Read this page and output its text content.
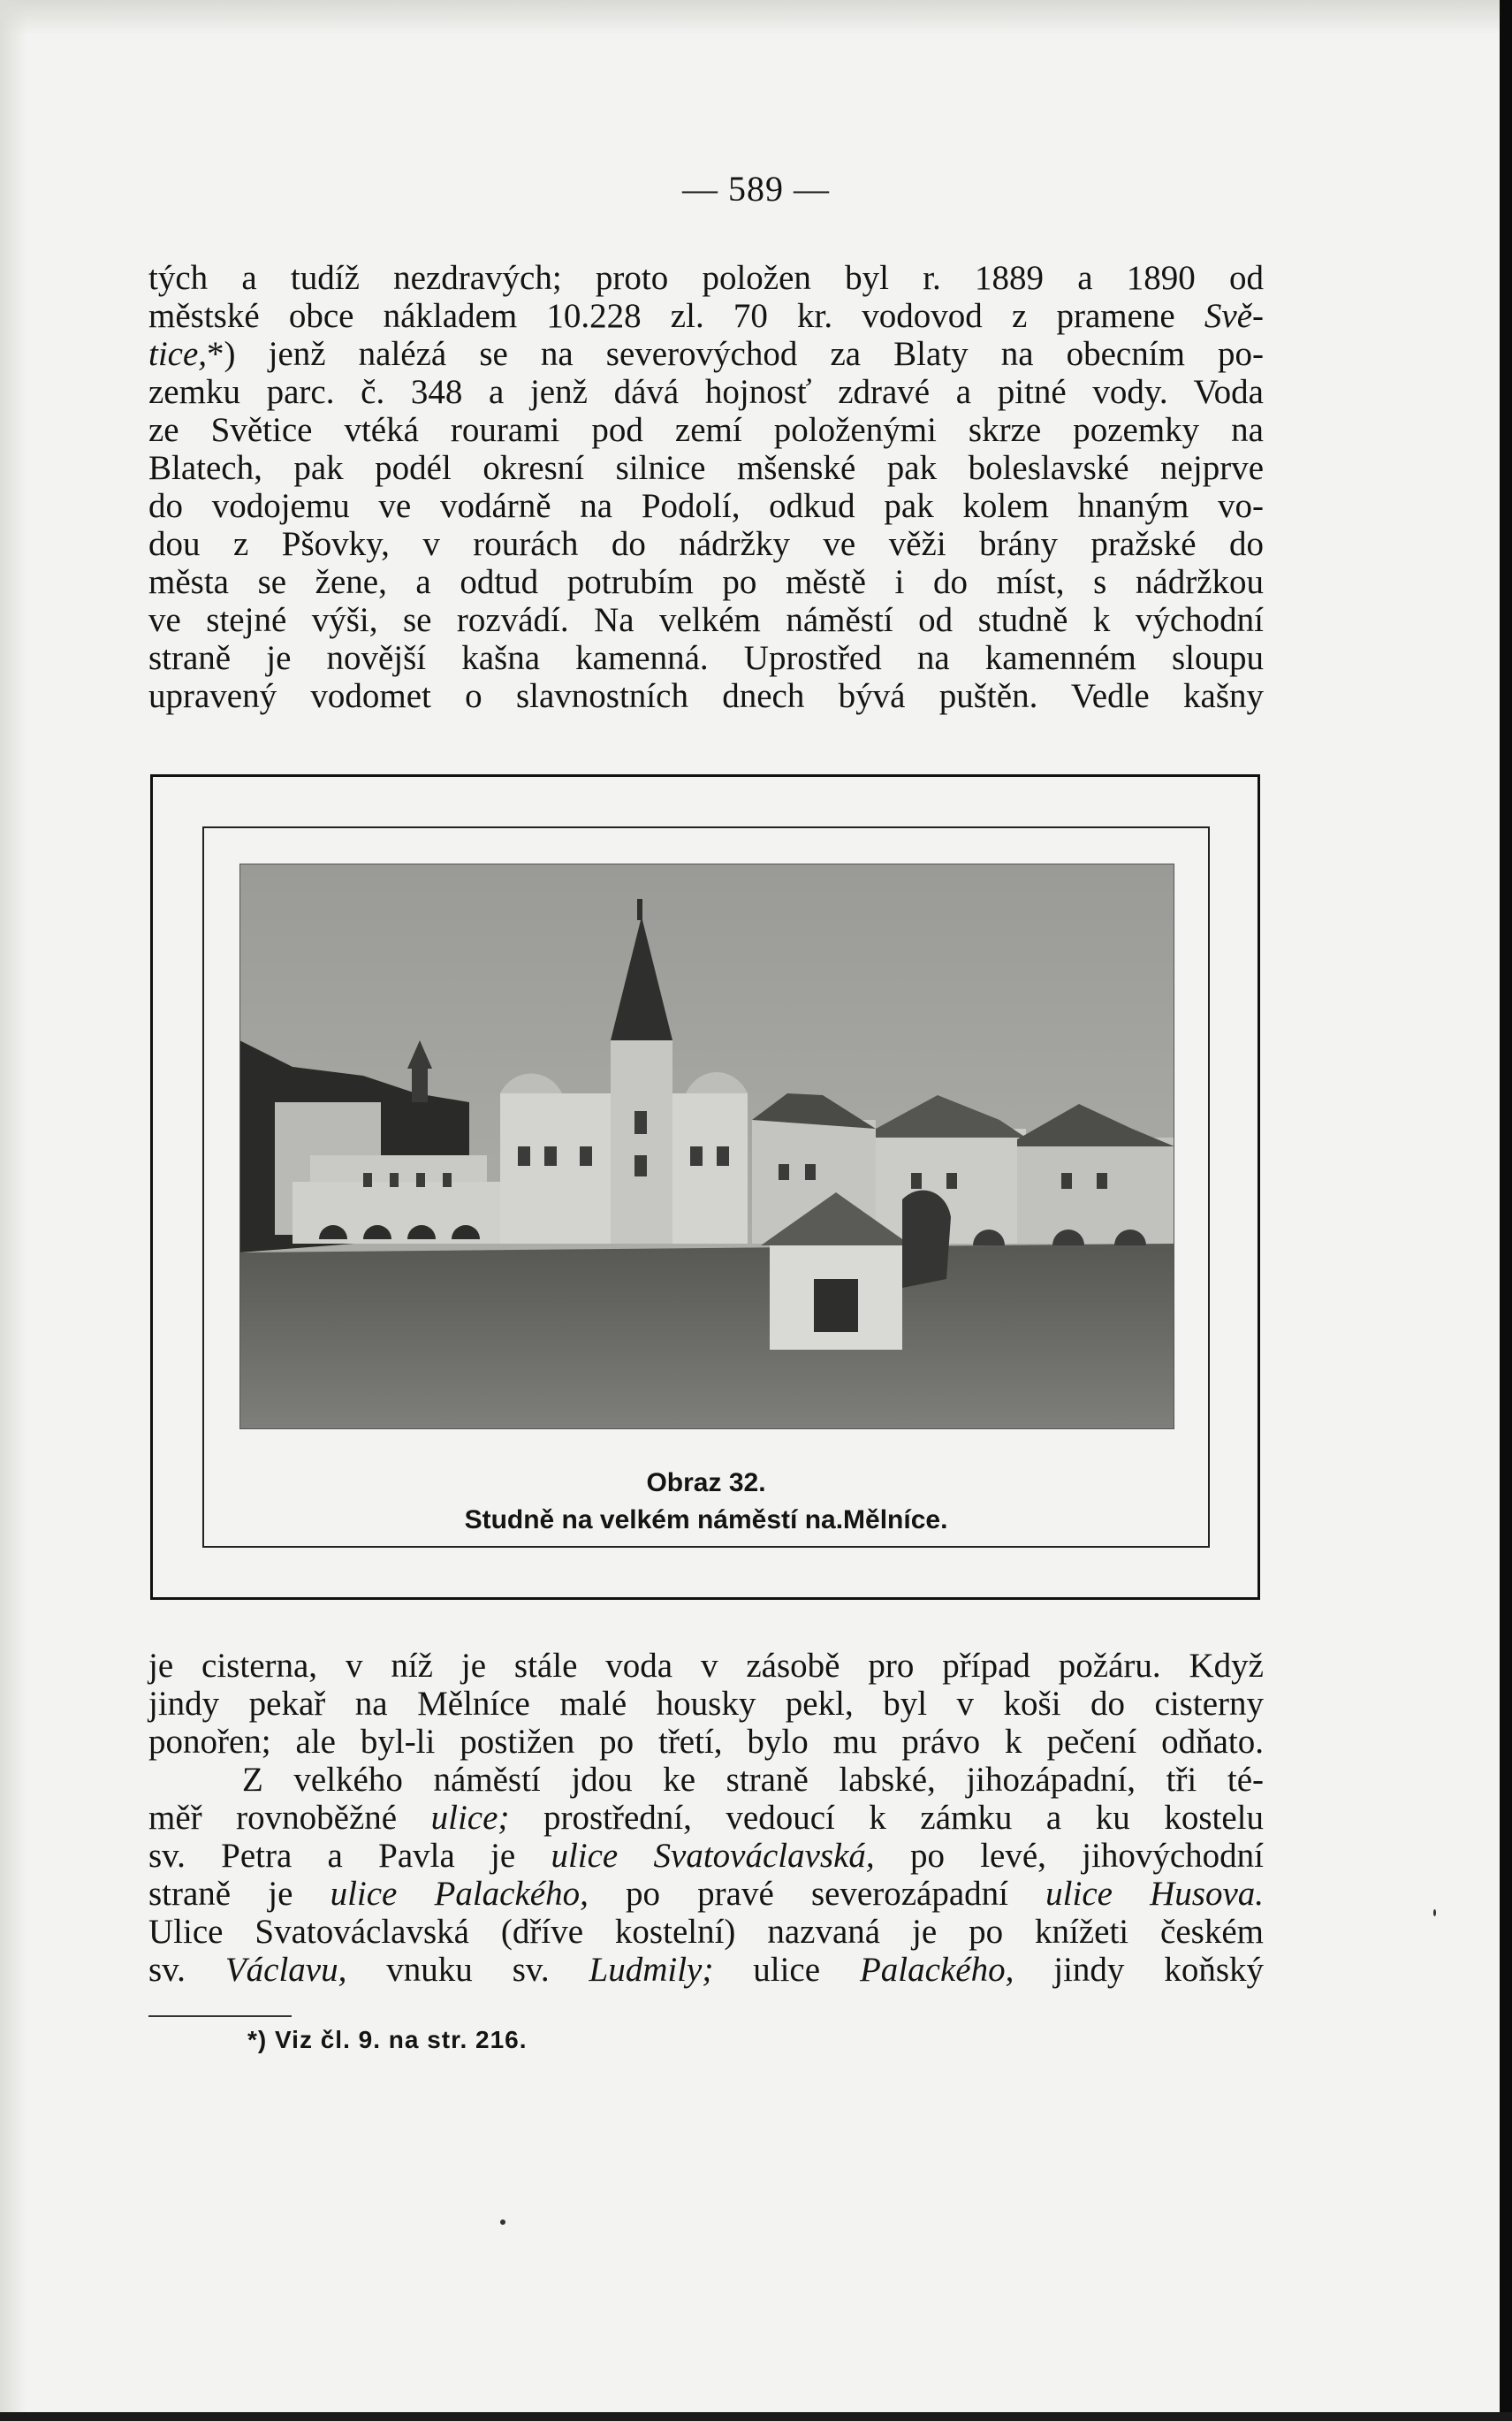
— 589 —
tých a tudíž nezdravých; proto položen byl r. 1889 a 1890 od
městské obce nákladem 10.228 zl. 70 kr. vodovod z pramene Svě-
tice,*) jenž nalézá se na severovýchod za Blaty na obecním po-
zemku parc. č. 348 a jenž dává hojnosť zdravé a pitné vody. Voda
ze Světice vtéká rourami pod zemí položenými skrze pozemky na
Blatech, pak podél okresní silnice mšenské pak boleslavské nejprve
do vodojemu ve vodárně na Podolí, odkud pak kolem hnaným vo-
dou z Pšovky, v rourách do nádržky ve věži brány pražské do
města se žene, a odtud potrubím po městě i do míst, s nádržkou
ve stejné výši, se rozvádí. Na velkém náměstí od studně k východní
straně je novější kašna kamenná. Uprostřed na kamenném sloupu
upravený vodomet o slavnostních dnech bývá puštěn. Vedle kašny
Obraz 32.
Studně na velkém náměstí na.Mělníce.
je cisterna, v níž je stále voda v zásobě pro případ požáru. Když
jindy pekař na Mělníce malé housky pekl, byl v koši do cisterny
ponořen; ale byl-li postižen po třetí, bylo mu právo k pečení odňato.
Z velkého náměstí jdou ke straně labské, jihozápadní, tři té-
měř rovnoběžné ulice; prostřední, vedoucí k zámku a ku kostelu
sv. Petra a Pavla je ulice Svatováclavská, po levé, jihovýchodní
straně je ulice Palackého, po pravé severozápadní ulice Husova.
Ulice Svatováclavská (dříve kostelní) nazvaná je po knížeti českém
sv. Václavu, vnuku sv. Ludmily; ulice Palackého, jindy koňský
*) Viz čl. 9. na str. 216.
